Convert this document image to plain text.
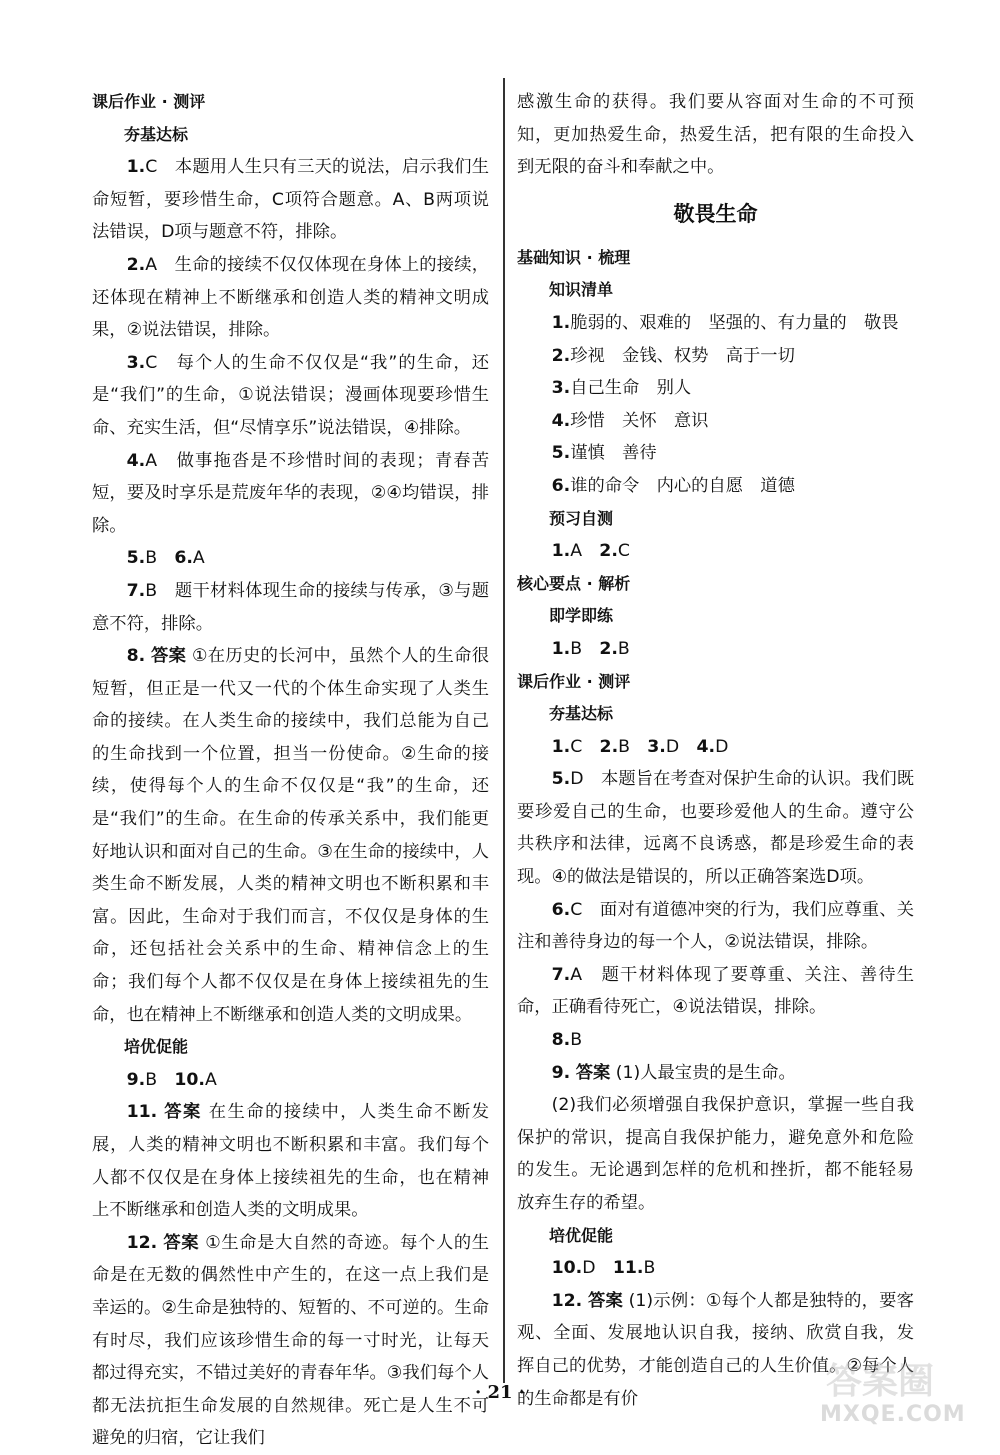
课后作业 · 测评

夯基达标

1.C　本题用人生只有三天的说法，启示我们生命短暂，要珍惜生命，C项符合题意。A、B两项说法错误，D项与题意不符，排除。

2.A　生命的接续不仅仅体现在身体上的接续，还体现在精神上不断继承和创造人类的精神文明成果，②说法错误，排除。

3.C　每个人的生命不仅仅是“我”的生命，还是“我们”的生命，①说法错误；漫画体现要珍惜生命、充实生活，但“尽情享乐”说法错误，④排除。

4.A　做事拖沓是不珍惜时间的表现；青春苦短，要及时享乐是荒废年华的表现，②④均错误，排除。

5.B　6.A

7.B　题干材料体现生命的接续与传承，③与题意不符，排除。

8. 答案 ①在历史的长河中，虽然个人的生命很短暂，但正是一代又一代的个体生命实现了人类生命的接续。在人类生命的接续中，我们总能为自己的生命找到一个位置，担当一份使命。②生命的接续，使得每个人的生命不仅仅是“我”的生命，还是“我们”的生命。在生命的传承关系中，我们能更好地认识和面对自己的生命。③在生命的接续中，人类生命不断发展，人类的精神文明也不断积累和丰富。因此，生命对于我们而言，不仅仅是身体的生命，还包括社会关系中的生命、精神信念上的生命；我们每个人都不仅仅是在身体上接续祖先的生命，也在精神上不断继承和创造人类的文明成果。

培优促能

9.B　10.A

11. 答案 在生命的接续中，人类生命不断发展，人类的精神文明也不断积累和丰富。我们每个人都不仅仅是在身体上接续祖先的生命，也在精神上不断继承和创造人类的文明成果。

12. 答案 ①生命是大自然的奇迹。每个人的生命是在无数的偶然性中产生的，在这一点上我们是幸运的。②生命是独特的、短暂的、不可逆的。生命有时尽，我们应该珍惜生命的每一寸时光，让每天都过得充实，不错过美好的青春年华。③我们每个人都无法抗拒生命发展的自然规律。死亡是人生不可避免的归宿，它让我们

感激生命的获得。我们要从容面对生命的不可预知，更加热爱生命，热爱生活，把有限的生命投入到无限的奋斗和奉献之中。

敬畏生命

基础知识 · 梳理

知识清单

1.脆弱的、艰难的　坚强的、有力量的　敬畏

2.珍视　金钱、权势　高于一切

3.自己生命　别人

4.珍惜　关怀　意识

5.谨慎　善待

6.谁的命令　内心的自愿　道德

预习自测

1.A　2.C

核心要点 · 解析

即学即练

1.B　2.B

课后作业 · 测评

夯基达标

1.C　2.B　3.D　4.D

5.D　本题旨在考查对保护生命的认识。我们既要珍爱自己的生命，也要珍爱他人的生命。遵守公共秩序和法律，远离不良诱惑，都是珍爱生命的表现。④的做法是错误的，所以正确答案选D项。

6.C　面对有道德冲突的行为，我们应尊重、关注和善待身边的每一个人，②说法错误，排除。

7.A　题干材料体现了要尊重、关注、善待生命，正确看待死亡，④说法错误，排除。

8.B

9. 答案 (1)人最宝贵的是生命。

(2)我们必须增强自我保护意识，掌握一些自我保护的常识，提高自我保护能力，避免意外和危险的发生。无论遇到怎样的危机和挫折，都不能轻易放弃生存的希望。

培优促能

10.D　11.B

12. 答案 (1)示例：①每个人都是独特的，要客观、全面、发展地认识自我，接纳、欣赏自我，发挥自己的优势，才能创造自己的人生价值。②每个人的生命都是有价

· 21 ·	答案圈
MXQE.COM
